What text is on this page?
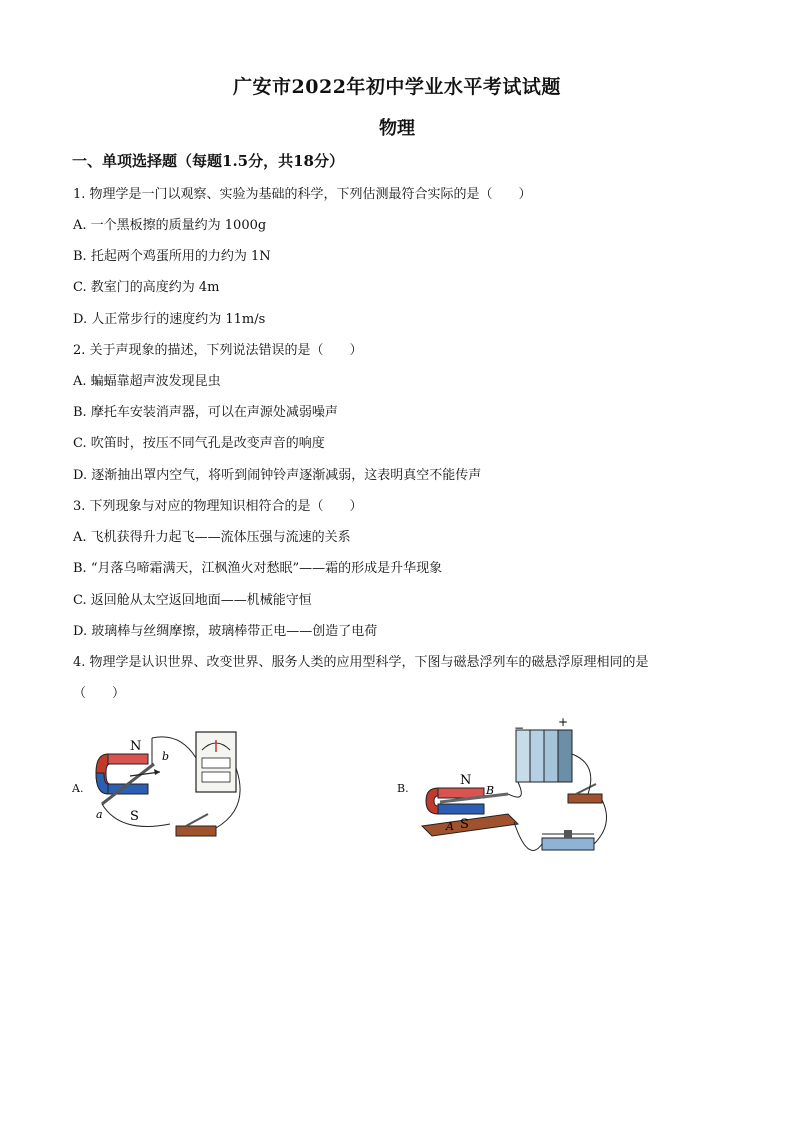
广安市2022年初中学业水平考试试题
物理
一、单项选择题（每题1.5分，共18分）
1. 物理学是一门以观察、实验为基础的科学，下列估测最符合实际的是（　　）
A. 一个黑板擦的质量约为 1000g
B. 托起两个鸡蛋所用的力约为 1N
C. 教室门的高度约为 4m
D. 人正常步行的速度约为 11m/s
2. 关于声现象的描述，下列说法错误的是（　　）
A. 蝙蝠靠超声波发现昆虫
B. 摩托车安装消声器，可以在声源处减弱噪声
C. 吹笛时，按压不同气孔是改变声音的响度
D. 逐渐抽出罩内空气，将听到闹钟铃声逐渐减弱，这表明真空不能传声
3. 下列现象与对应的物理知识相符合的是（　　）
A. 飞机获得升力起飞——流体压强与流速的关系
B. “月落乌啼霜满天，江枫渔火对愁眠”——霜的形成是升华现象
C. 返回舱从太空返回地面——机械能守恒
D. 玻璃棒与丝绸摩擦，玻璃棒带正电——创造了电荷
4. 物理学是认识世界、改变世界、服务人类的应用型科学，下图与磁悬浮列车的磁悬浮原理相同的是
（　　）
A.
N
S
a
b
B.
N
S
A
B
−	+
